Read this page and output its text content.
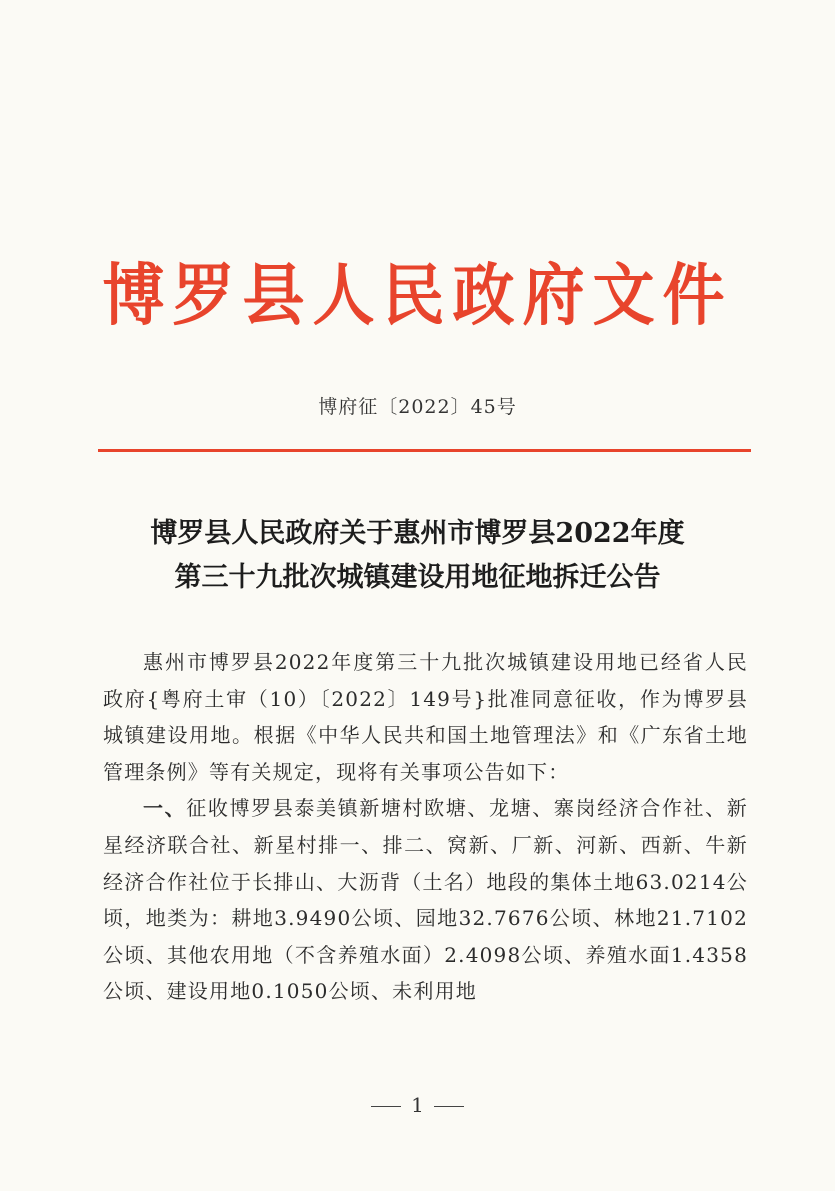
博罗县人民政府文件
博府征〔2022〕45号
博罗县人民政府关于惠州市博罗县2022年度
第三十九批次城镇建设用地征地拆迁公告

惠州市博罗县2022年度第三十九批次城镇建设用地已经省人民政府{粤府土审（10）〔2022〕149号}批准同意征收，作为博罗县城镇建设用地。根据《中华人民共和国土地管理法》和《广东省土地管理条例》等有关规定，现将有关事项公告如下：

一、征收博罗县泰美镇新塘村欧塘、龙塘、寨岗经济合作社、新星经济联合社、新星村排一、排二、窝新、厂新、河新、西新、牛新经济合作社位于长排山、大沥背（土名）地段的集体土地63.0214公顷，地类为：耕地3.9490公顷、园地32.7676公顷、林地21.7102公顷、其他农用地（不含养殖水面）2.4098公顷、养殖水面1.4358公顷、建设用地0.1050公顷、未利用地

1
